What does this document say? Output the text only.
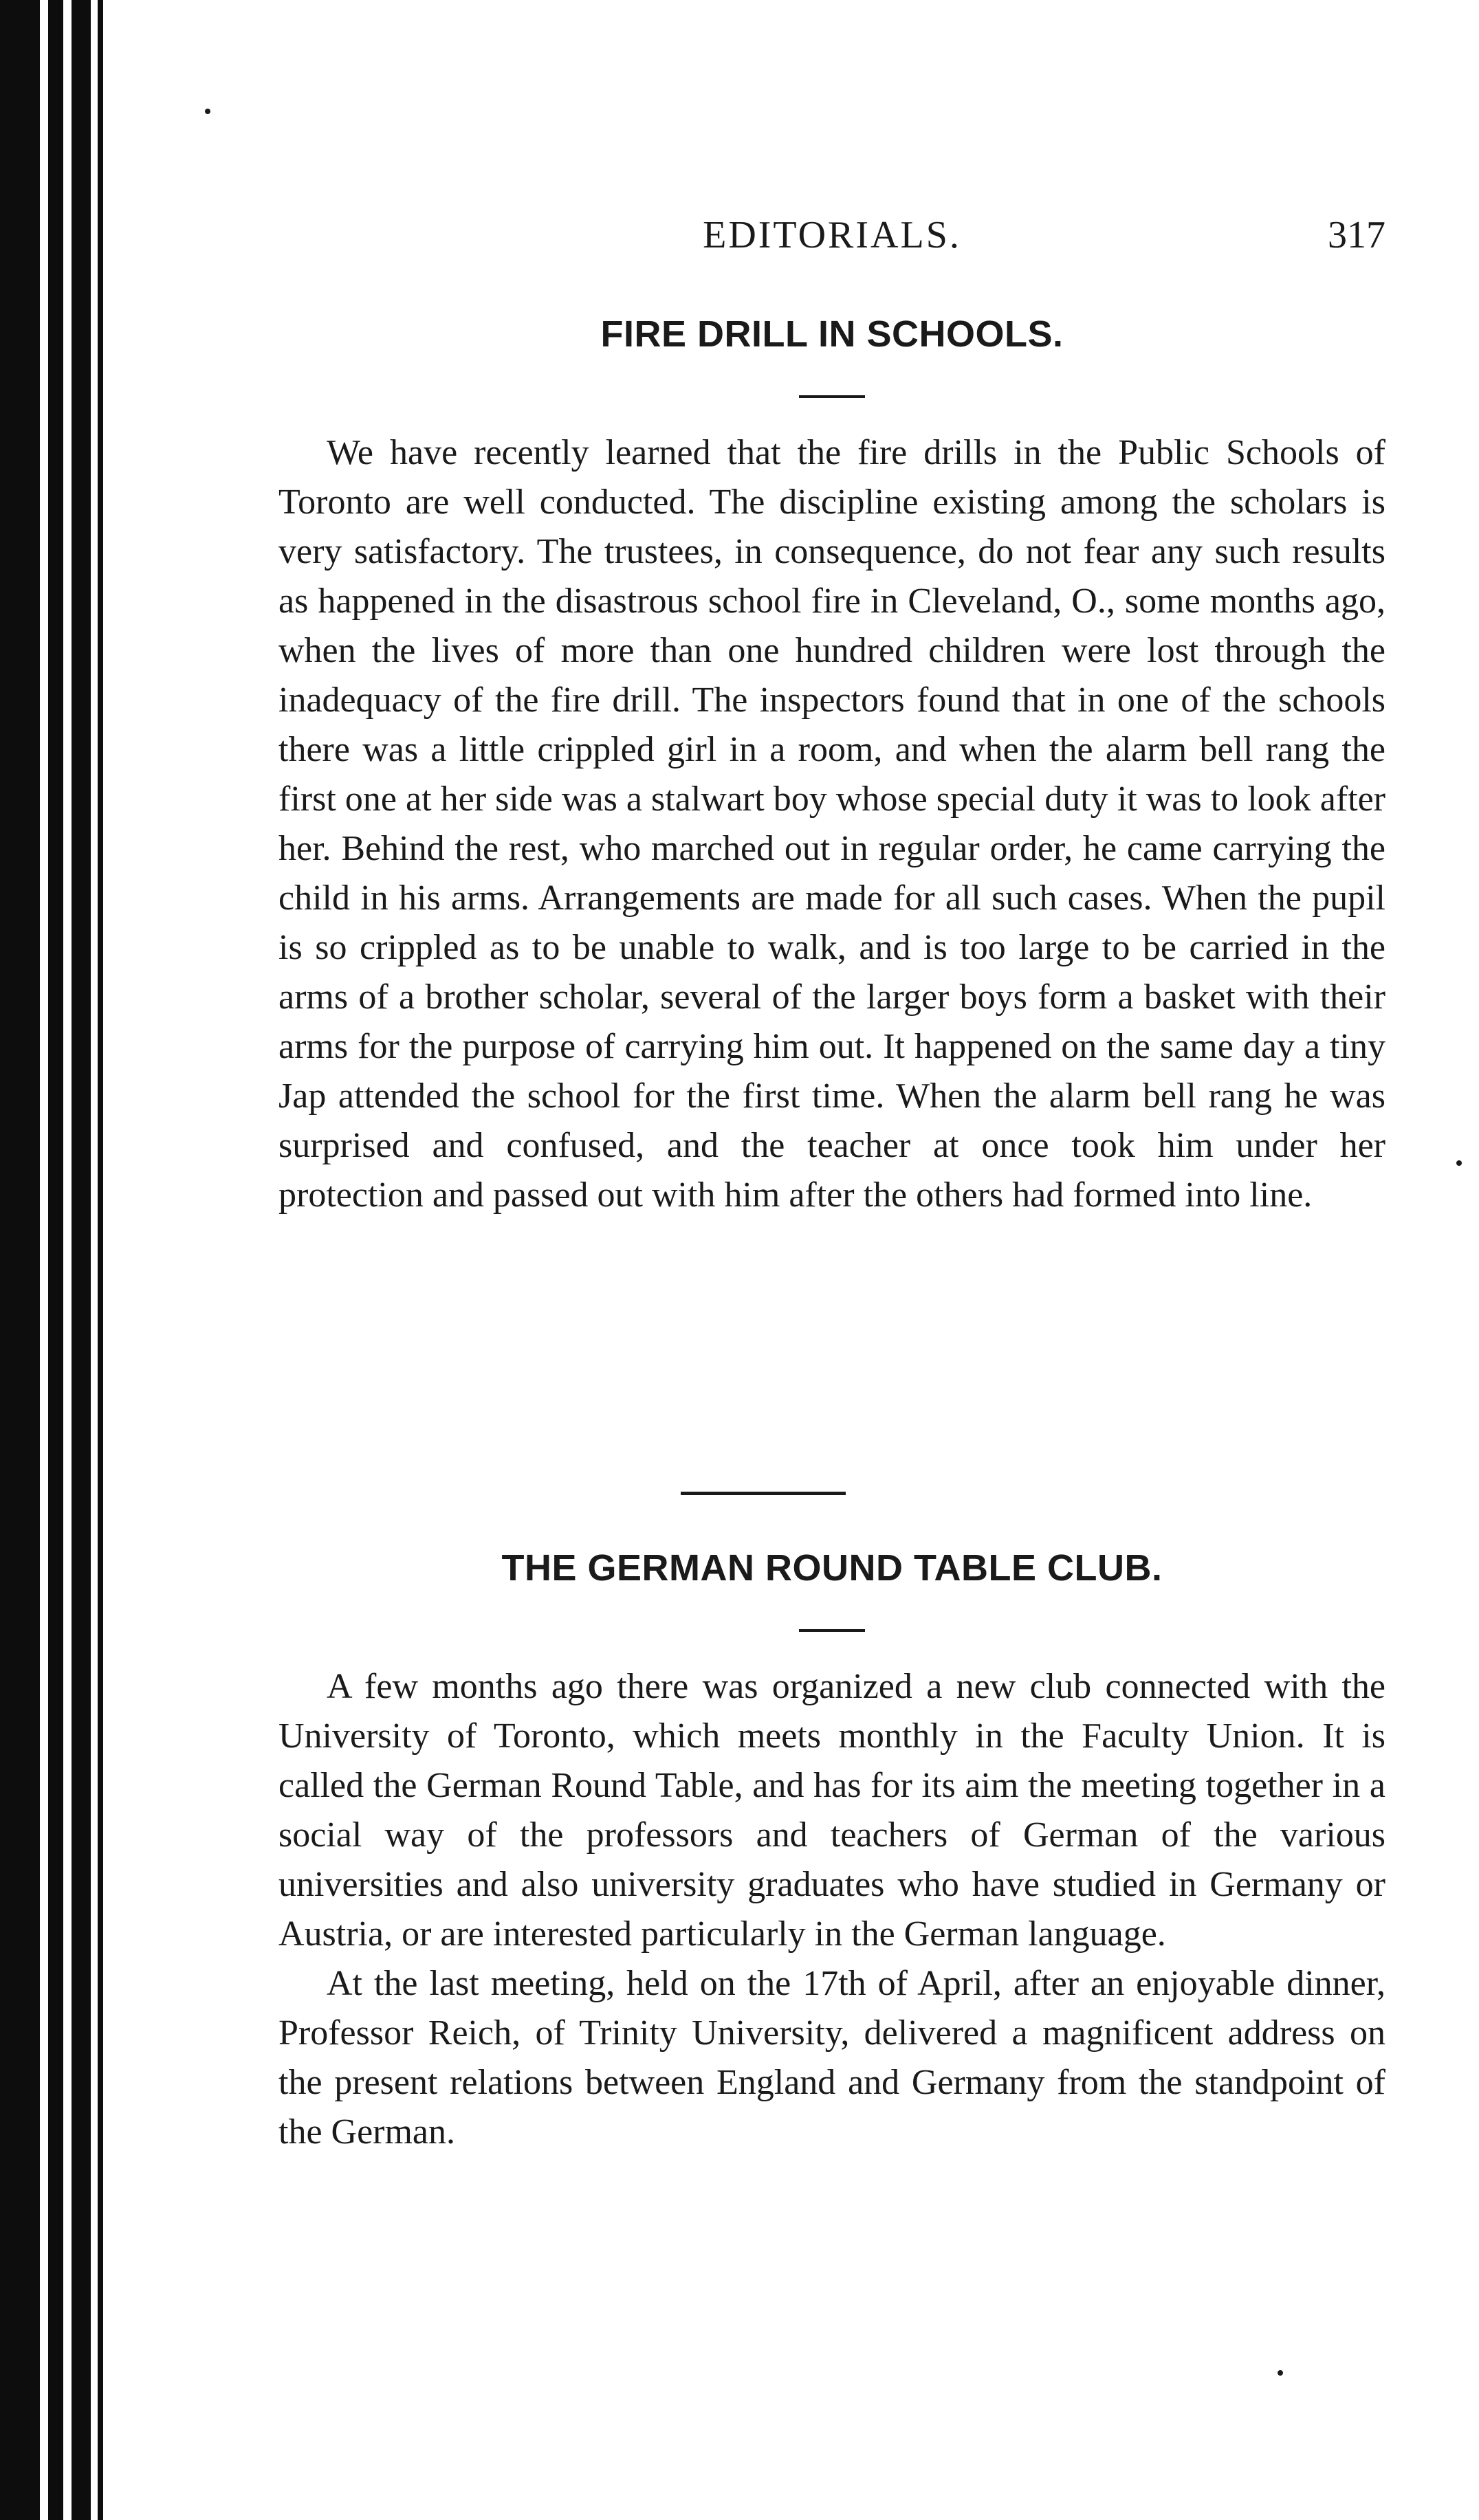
EDITORIALS.	317
FIRE DRILL IN SCHOOLS.

We have recently learned that the fire drills in the Public Schools of Toronto are well conducted. The discipline existing among the scholars is very satisfactory. The trustees, in consequence, do not fear any such results as happened in the disastrous school fire in Cleveland, O., some months ago, when the lives of more than one hundred children were lost through the inadequacy of the fire drill. The inspectors found that in one of the schools there was a little crippled girl in a room, and when the alarm bell rang the first one at her side was a stalwart boy whose special duty it was to look after her. Behind the rest, who marched out in regular order, he came carrying the child in his arms. Arrangements are made for all such cases. When the pupil is so crippled as to be unable to walk, and is too large to be carried in the arms of a brother scholar, several of the larger boys form a basket with their arms for the purpose of carrying him out. It happened on the same day a tiny Jap attended the school for the first time. When the alarm bell rang he was surprised and confused, and the teacher at once took him under her protection and passed out with him after the others had formed into line.

THE GERMAN ROUND TABLE CLUB.

A few months ago there was organized a new club connected with the University of Toronto, which meets monthly in the Faculty Union. It is called the German Round Table, and has for its aim the meeting together in a social way of the professors and teachers of German of the various universities and also university graduates who have studied in Germany or Austria, or are interested particularly in the German language.

At the last meeting, held on the 17th of April, after an enjoyable dinner, Professor Reich, of Trinity University, delivered a magnificent address on the present relations between England and Germany from the standpoint of the German.
